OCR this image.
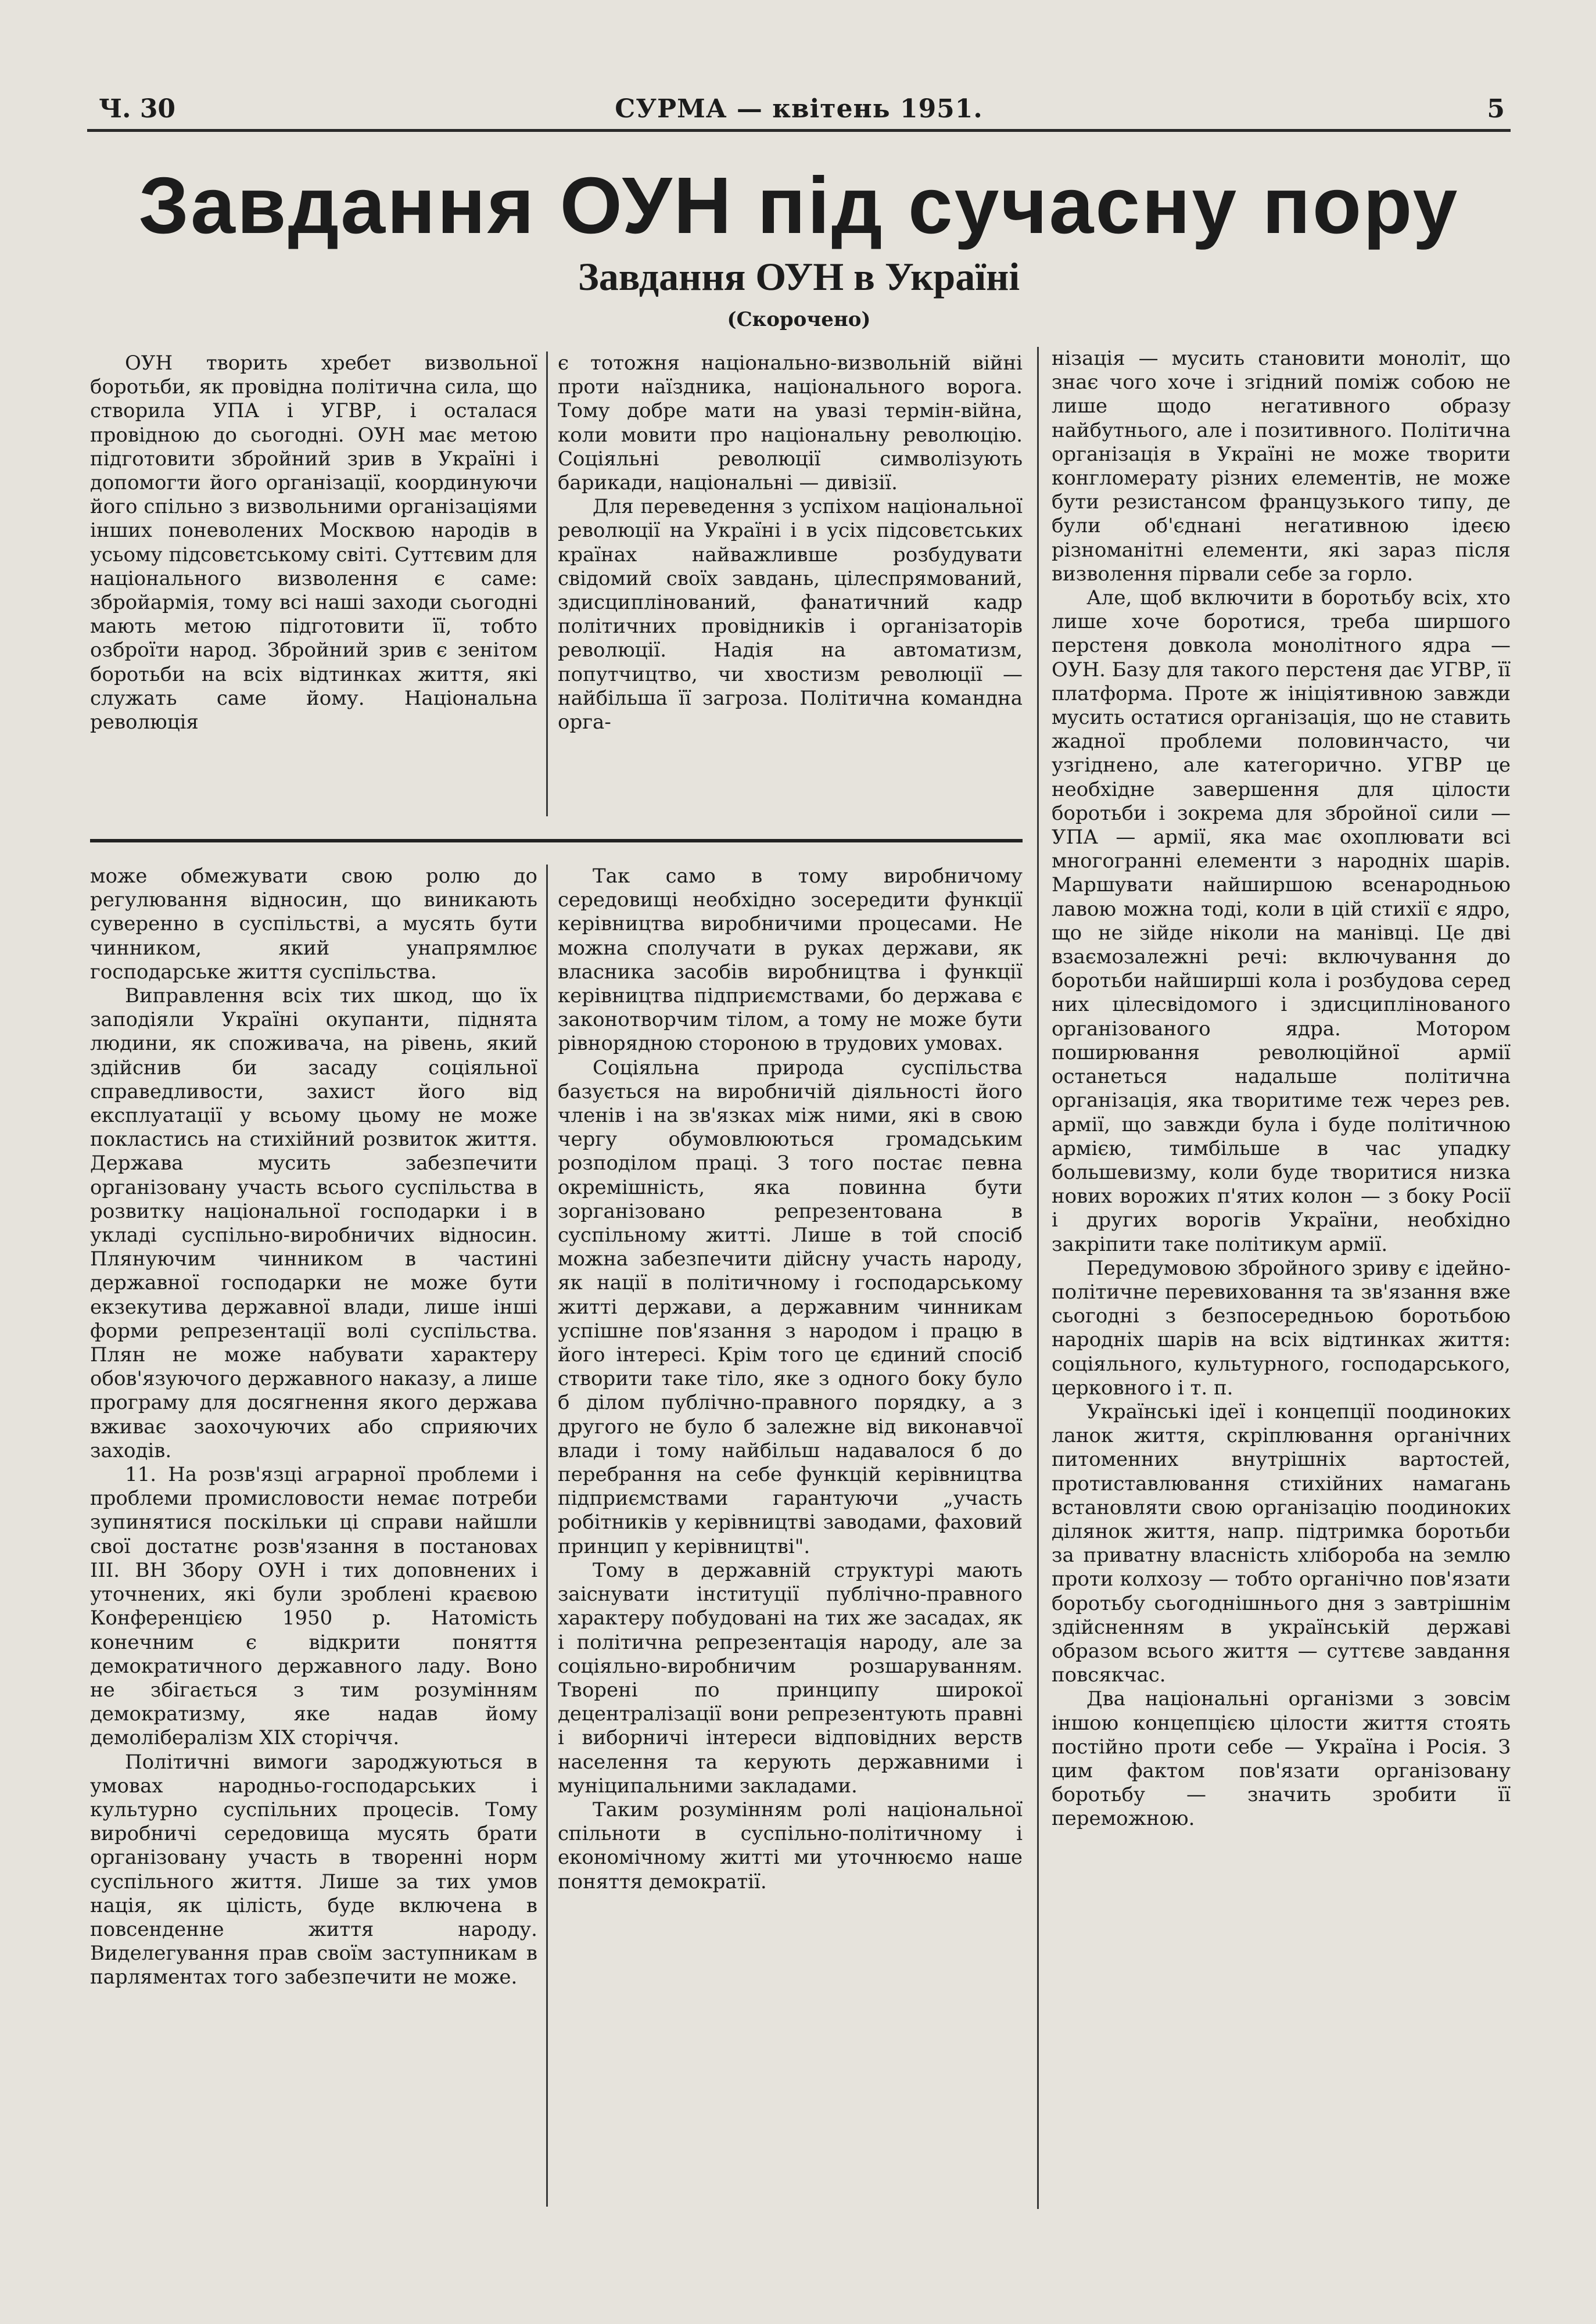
Ч. 30	СУРМА — квітень 1951.	5
Завдання ОУН під сучасну пору
Завдання ОУН в Україні
(Скорочено)

ОУН творить хребет визвольної боротьби, як провідна політична сила, що створила УПА і УГВР, і осталася провідною до сьогодні. ОУН має метою підготовити збройний зрив в Україні і допомогти його організації, координуючи його спільно з визвольними організаціями інших поневолених Москвою народів в усьому підсовєтському світі. Суттєвим для національного визволення є саме: збройармія, тому всі наші заходи сьогодні мають метою підготовити її, тобто озброїти народ. Збройний зрив є зенітом боротьби на всіх відтинках життя, які служать саме йому. Національна революція

є тотожня національно-визвольній війні проти наїздника, національного ворога. Тому добре мати на увазі термін-війна, коли мовити про національну революцію. Соціяльні революції символізують барикади, національні — дивізії.

Для переведення з успіхом національної революції на Україні і в усіх підсовєтських країнах найважливше розбудувати свідомий своїх завдань, цілеспрямований, здисциплінований, фанатичний кадр політичних провідників і організаторів революції. Надія на автоматизм, попутчицтво, чи хвостизм революції — найбільша її загроза. Політична командна орга-

нізація — мусить становити моноліт, що знає чого хоче і згідний поміж собою не лише щодо негативного образу найбутнього, але і позитивного. Політична організація в Україні не може творити конгломерату різних елементів, не може бути резистансом французького типу, де були об'єднані негативною ідеєю різноманітні елементи, які зараз після визволення пірвали себе за горло.

Але, щоб включити в боротьбу всіх, хто лише хоче боротися, треба ширшого перстеня довкола монолітного ядра — ОУН. Базу для такого перстеня дає УГВР, її платформа. Проте ж ініціятивною завжди мусить остатися організація, що не ставить жадної проблеми половинчасто, чи узгіднено, але категорично. УГВР це необхідне завершення для цілости боротьби і зокрема для збройної сили — УПА — армії, яка має охоплювати всі многогранні елементи з народніх шарів. Маршувати найширшою всенародньою лавою можна тоді, коли в цій стихії є ядро, що не зійде ніколи на манівці. Це дві взаємозалежні речі: включування до боротьби найширші кола і розбудова серед них цілесвідомого і здисциплінованого організованого ядра. Мотором поширювання революційної армії останеться надальше політична організація, яка творитиме теж через рев. армії, що завжди була і буде політичною армією, тимбільше в час упадку большевизму, коли буде творитися низка нових ворожих п'ятих колон — з боку Росії і других ворогів України, необхідно закріпити таке політикум армії.

Передумовою збройного зриву є ідейно-політичне перевиховання та зв'язання вже сьогодні з безпосередньою боротьбою народніх шарів на всіх відтинках життя: соціяльного, культурного, господарського, церковного і т. п.

Українські ідеї і концепції поодиноких ланок життя, скріплювання органічних питоменних внутрішніх вартостей, протиставлювання стихійних намагань встановляти свою організацію поодиноких ділянок життя, напр. підтримка боротьби за приватну власність хлібороба на землю проти колхозу — тобто органічно пов'язати боротьбу сьогоднішнього дня з завтрішнім здійсненням в українській державі образом всього життя — суттєве завдання повсякчас.

Два національні організми з зовсім іншою концепцією цілости життя стоять постійно проти себе — Україна і Росія. З цим фактом пов'язати організовану боротьбу — значить зробити її переможною.

може обмежувати свою ролю до регулювання відносин, що виникають суверенно в суспільстві, а мусять бути чинником, який унапрямлює господарське життя суспільства.

Виправлення всіх тих шкод, що їх заподіяли Україні окупанти, піднята людини, як споживача, на рівень, який здійснив би засаду соціяльної справедливости, захист його від експлуатації у всьому цьому не може покластись на стихійний розвиток життя. Держава мусить забезпечити організовану участь всього суспільства в розвитку національної господарки і в укладі суспільно-виробничих відносин. Плянуючим чинником в частині державної господарки не може бути екзекутива державної влади, лише інші форми репрезентації волі суспільства. Плян не може набувати характеру обов'язуючого державного наказу, а лише програму для досягнення якого держава вживає заохочуючих або сприяючих заходів.

11. На розв'язці аграрної проблеми і проблеми промисловости немає потреби зупинятися поскільки ці справи найшли свої достатнє розв'язання в постановах III. ВН Збору ОУН і тих доповнених і уточнених, які були зроблені краєвою Конференцією 1950 р. Натомість конечним є відкрити поняття демократичного державного ладу. Воно не збігається з тим розумінням демократизму, яке надав йому демолібералізм XIX сторіччя.

Політичні вимоги зароджуються в умовах народньо-господарських і культурно суспільних процесів. Тому виробничі середовища мусять брати організовану участь в творенні норм суспільного життя. Лише за тих умов нація, як цілість, буде включена в повсенденне життя народу. Виделегування прав своїм заступникам в парляментах того забезпечити не може.

Так само в тому виробничому середовищі необхідно зосередити функції керівництва виробничими процесами. Не можна сполучати в руках держави, як власника засобів виробництва і функції керівництва підприємствами, бо держава є законотворчим тілом, а тому не може бути рівнорядною стороною в трудових умовах.

Соціяльна природа суспільства базується на виробничій діяльності його членів і на зв'язках між ними, які в свою чергу обумовлюються громадським розподілом праці. З того постає певна окремішність, яка повинна бути зорганізовано репрезентована в суспільному житті. Лише в той спосіб можна забезпечити дійсну участь народу, як нації в політичному і господарському житті держави, а державним чинникам успішне пов'язання з народом і працю в його інтересі. Крім того це єдиний спосіб створити таке тіло, яке з одного боку було б ділом публічно-правного порядку, а з другого не було б залежне від виконавчої влади і тому найбільш надавалося б до перебрання на себе функцій керівництва підприємствами гарантуючи „участь робітників у керівництві заводами, фаховий принцип у керівництві".

Тому в державній структурі мають заіснувати інституції публічно-правного характеру побудовані на тих же засадах, як і політична репрезентація народу, але за соціяльно-виробничим розшаруванням. Творені по принципу широкої децентралізації вони репрезентують правні і виборничі інтереси відповідних верств населення та керують державними і муніципальними закладами.

Таким розумінням ролі національної спільноти в суспільно-політичному і економічному житті ми уточнюємо наше поняття демократії.
